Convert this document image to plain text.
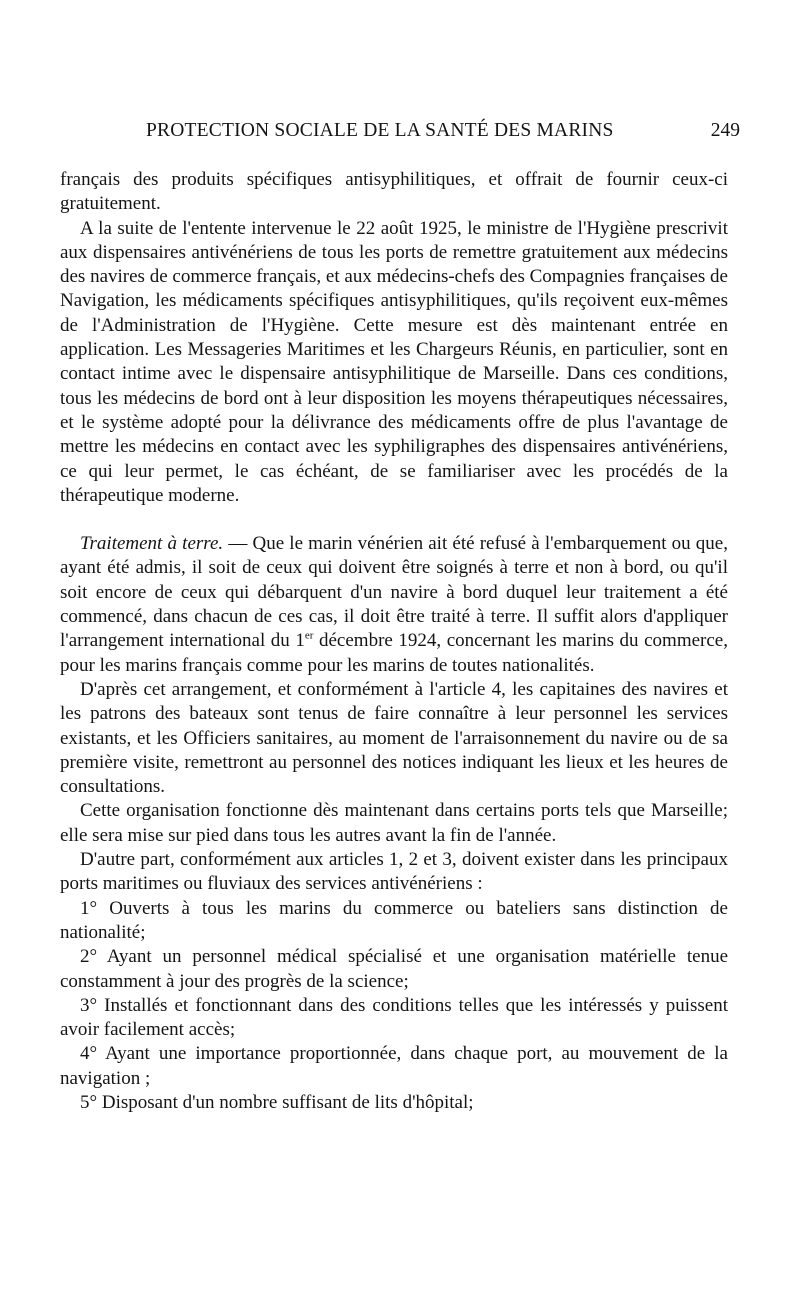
PROTECTION SOCIALE DE LA SANTÉ DES MARINS	249

français des produits spécifiques antisyphilitiques, et offrait de fournir ceux-ci gratuitement.

A la suite de l'entente intervenue le 22 août 1925, le ministre de l'Hygiène prescrivit aux dispensaires antivénériens de tous les ports de remettre gratuitement aux médecins des navires de commerce français, et aux médecins-chefs des Compagnies françaises de Navigation, les médicaments spécifiques antisyphilitiques, qu'ils reçoivent eux-mêmes de l'Administration de l'Hygiène. Cette mesure est dès maintenant entrée en application. Les Messageries Maritimes et les Chargeurs Réunis, en particulier, sont en contact intime avec le dispensaire antisyphilitique de Marseille. Dans ces conditions, tous les médecins de bord ont à leur disposition les moyens thérapeutiques nécessaires, et le système adopté pour la délivrance des médicaments offre de plus l'avantage de mettre les médecins en contact avec les syphiligraphes des dispensaires antivénériens, ce qui leur permet, le cas échéant, de se familiariser avec les procédés de la thérapeutique moderne.

Traitement à terre. — Que le marin vénérien ait été refusé à l'embarquement ou que, ayant été admis, il soit de ceux qui doivent être soignés à terre et non à bord, ou qu'il soit encore de ceux qui débarquent d'un navire à bord duquel leur traitement a été commencé, dans chacun de ces cas, il doit être traité à terre. Il suffit alors d'appliquer l'arrangement international du 1er décembre 1924, concernant les marins du commerce, pour les marins français comme pour les marins de toutes nationalités.

D'après cet arrangement, et conformément à l'article 4, les capitaines des navires et les patrons des bateaux sont tenus de faire connaître à leur personnel les services existants, et les Officiers sanitaires, au moment de l'arraisonnement du navire ou de sa première visite, remettront au personnel des notices indiquant les lieux et les heures de consultations.

Cette organisation fonctionne dès maintenant dans certains ports tels que Marseille; elle sera mise sur pied dans tous les autres avant la fin de l'année.

D'autre part, conformément aux articles 1, 2 et 3, doivent exister dans les principaux ports maritimes ou fluviaux des services antivénériens :

1° Ouverts à tous les marins du commerce ou bateliers sans distinction de nationalité;

2° Ayant un personnel médical spécialisé et une organisation matérielle tenue constamment à jour des progrès de la science;

3° Installés et fonctionnant dans des conditions telles que les intéressés y puissent avoir facilement accès;

4° Ayant une importance proportionnée, dans chaque port, au mouvement de la navigation ;

5° Disposant d'un nombre suffisant de lits d'hôpital;
